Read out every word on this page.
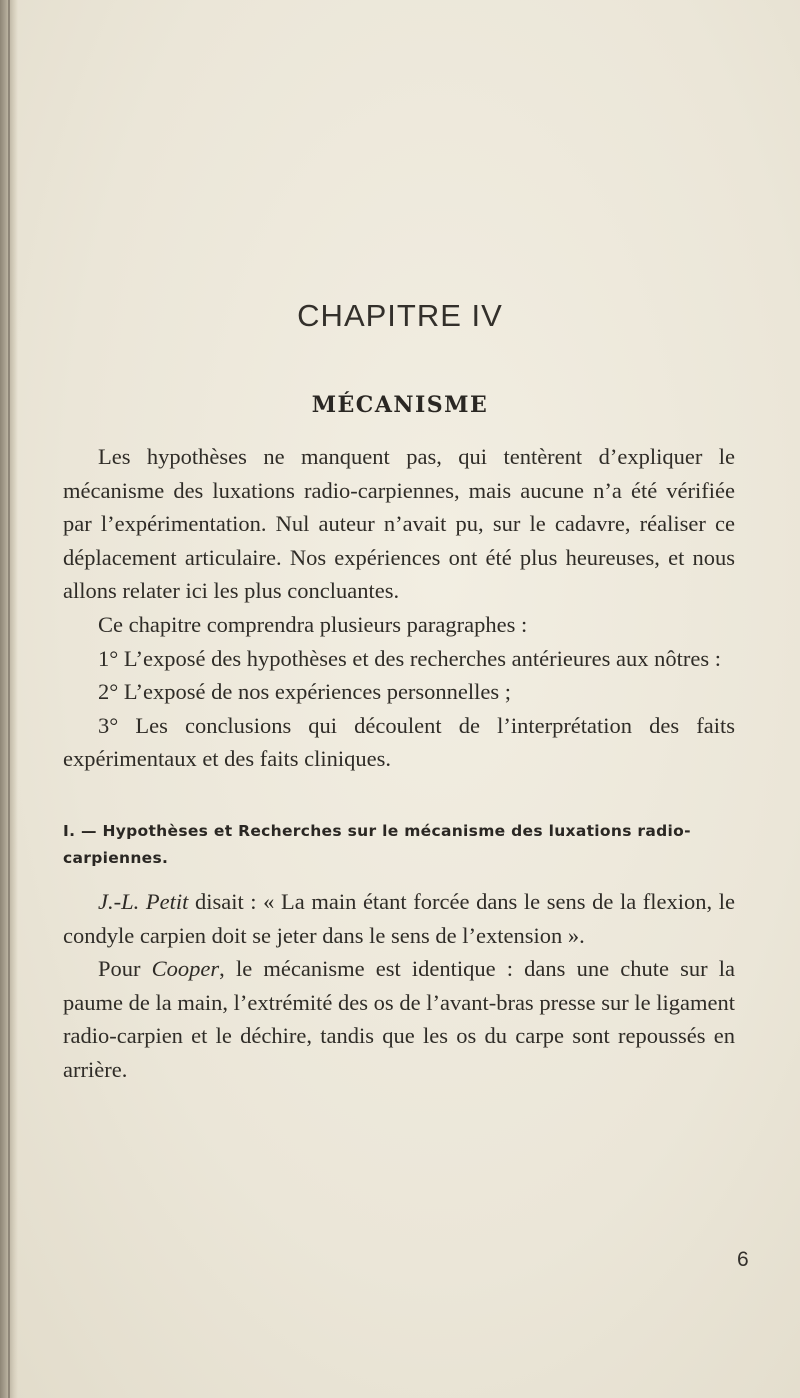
CHAPITRE IV
MÉCANISME

Les hypothèses ne manquent pas, qui tentèrent d’expliquer le mécanisme des luxations radio-carpiennes, mais aucune n’a été vérifiée par l’expérimentation. Nul auteur n’avait pu, sur le cadavre, réaliser ce déplacement articulaire. Nos expériences ont été plus heureuses, et nous allons relater ici les plus concluantes.

Ce chapitre comprendra plusieurs paragraphes :

1° L’exposé des hypothèses et des recherches antérieures aux nôtres :

2° L’exposé de nos expériences personnelles ;

3° Les conclusions qui découlent de l’interprétation des faits expérimentaux et des faits cliniques.

I. — Hypothèses et Recherches sur le mécanisme des luxations radio-carpiennes.

J.-L. Petit disait : « La main étant forcée dans le sens de la flexion, le condyle carpien doit se jeter dans le sens de l’extension ».

Pour Cooper, le mécanisme est identique : dans une chute sur la paume de la main, l’extrémité des os de l’avant-bras presse sur le ligament radio-carpien et le déchire, tandis que les os du carpe sont repoussés en arrière.

6
